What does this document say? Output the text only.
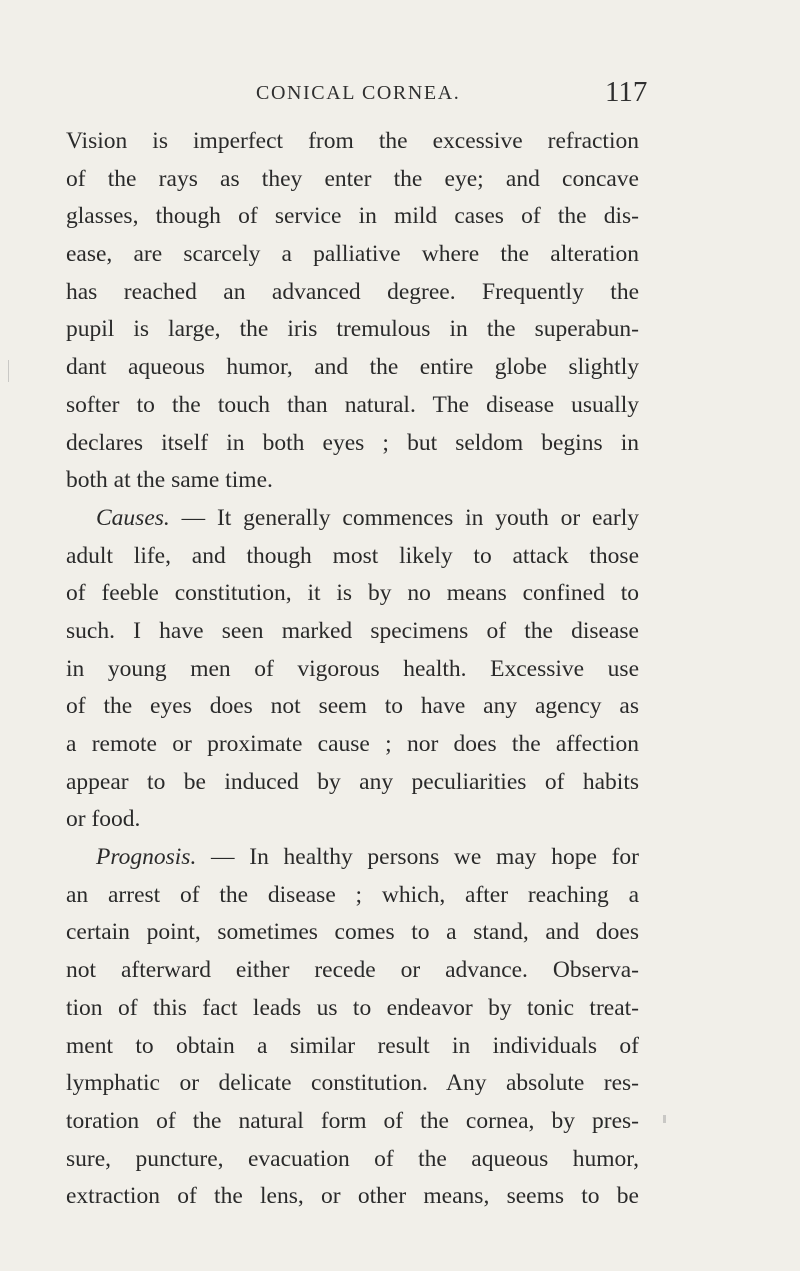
CONICAL CORNEA.	117
Vision is imperfect from the excessive refraction
of the rays as they enter the eye; and concave
glasses, though of service in mild cases of the dis-
ease, are scarcely a palliative where the alteration
has reached an advanced degree. Frequently the
pupil is large, the iris tremulous in the superabun-
dant aqueous humor, and the entire globe slightly
softer to the touch than natural. The disease usually
declares itself in both eyes ; but seldom begins in
both at the same time.
Causes. — It generally commences in youth or early
adult life, and though most likely to attack those
of feeble constitution, it is by no means confined to
such. I have seen marked specimens of the disease
in young men of vigorous health. Excessive use
of the eyes does not seem to have any agency as
a remote or proximate cause ; nor does the affection
appear to be induced by any peculiarities of habits
or food.
Prognosis. — In healthy persons we may hope for
an arrest of the disease ; which, after reaching a
certain point, sometimes comes to a stand, and does
not afterward either recede or advance. Observa-
tion of this fact leads us to endeavor by tonic treat-
ment to obtain a similar result in individuals of
lymphatic or delicate constitution. Any absolute res-
toration of the natural form of the cornea, by pres-
sure, puncture, evacuation of the aqueous humor,
extraction of the lens, or other means, seems to be
